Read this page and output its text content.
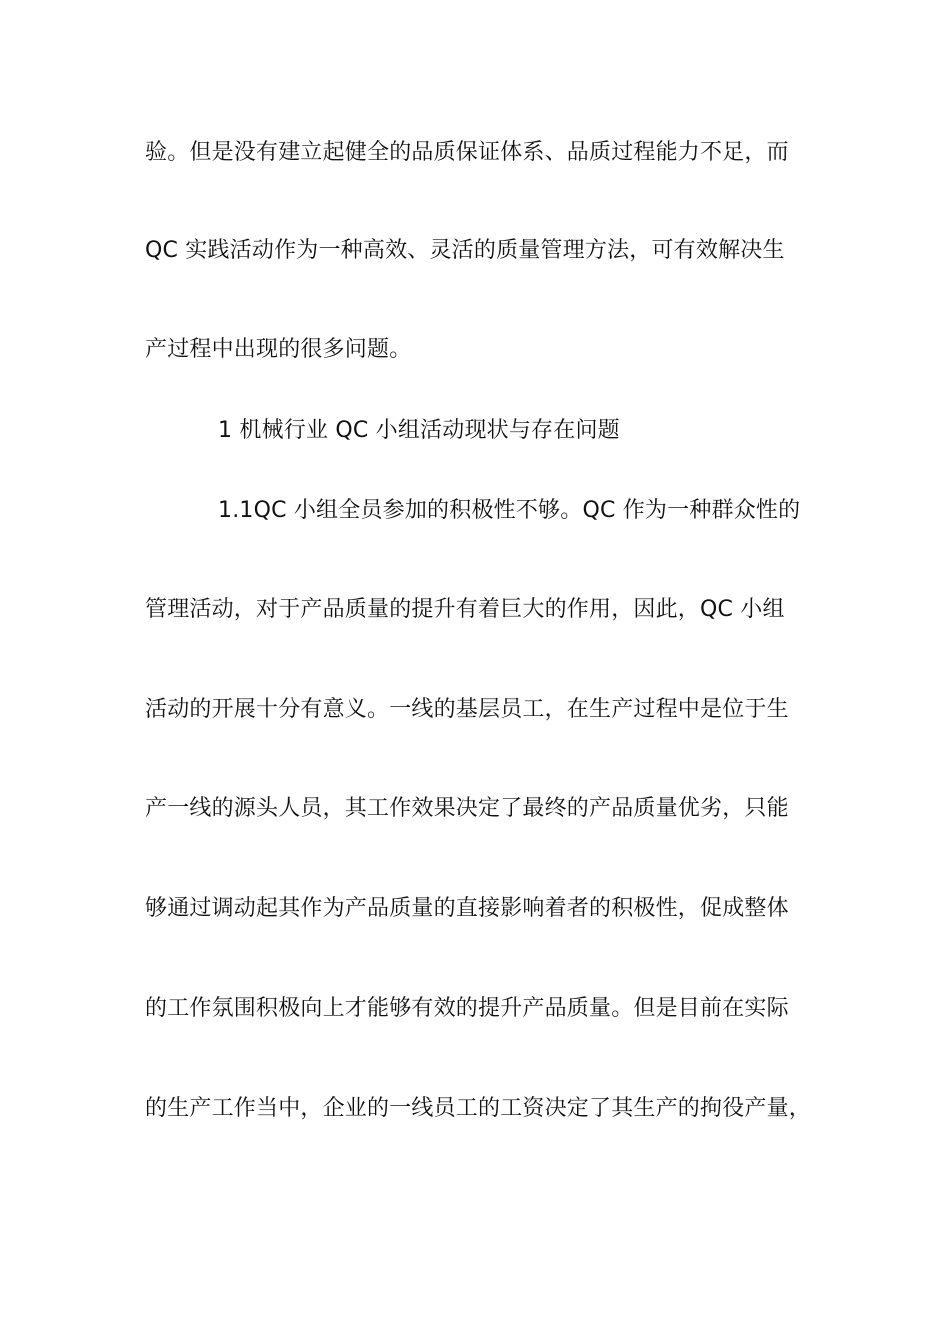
验。但是没有建立起健全的品质保证体系、品质过程能力不足，而
QC 实践活动作为一种高效、灵活的质量管理方法，可有效解决生
产过程中出现的很多问题。
1 机械行业 QC 小组活动现状与存在问题
1.1QC 小组全员参加的积极性不够。QC 作为一种群众性的
管理活动，对于产品质量的提升有着巨大的作用，因此，QC 小组
活动的开展十分有意义。一线的基层员工，在生产过程中是位于生
产一线的源头人员，其工作效果决定了最终的产品质量优劣，只能
够通过调动起其作为产品质量的直接影响着者的积极性，促成整体
的工作氛围积极向上才能够有效的提升产品质量。但是目前在实际
的生产工作当中，企业的一线员工的工资决定了其生产的拘役产量，
